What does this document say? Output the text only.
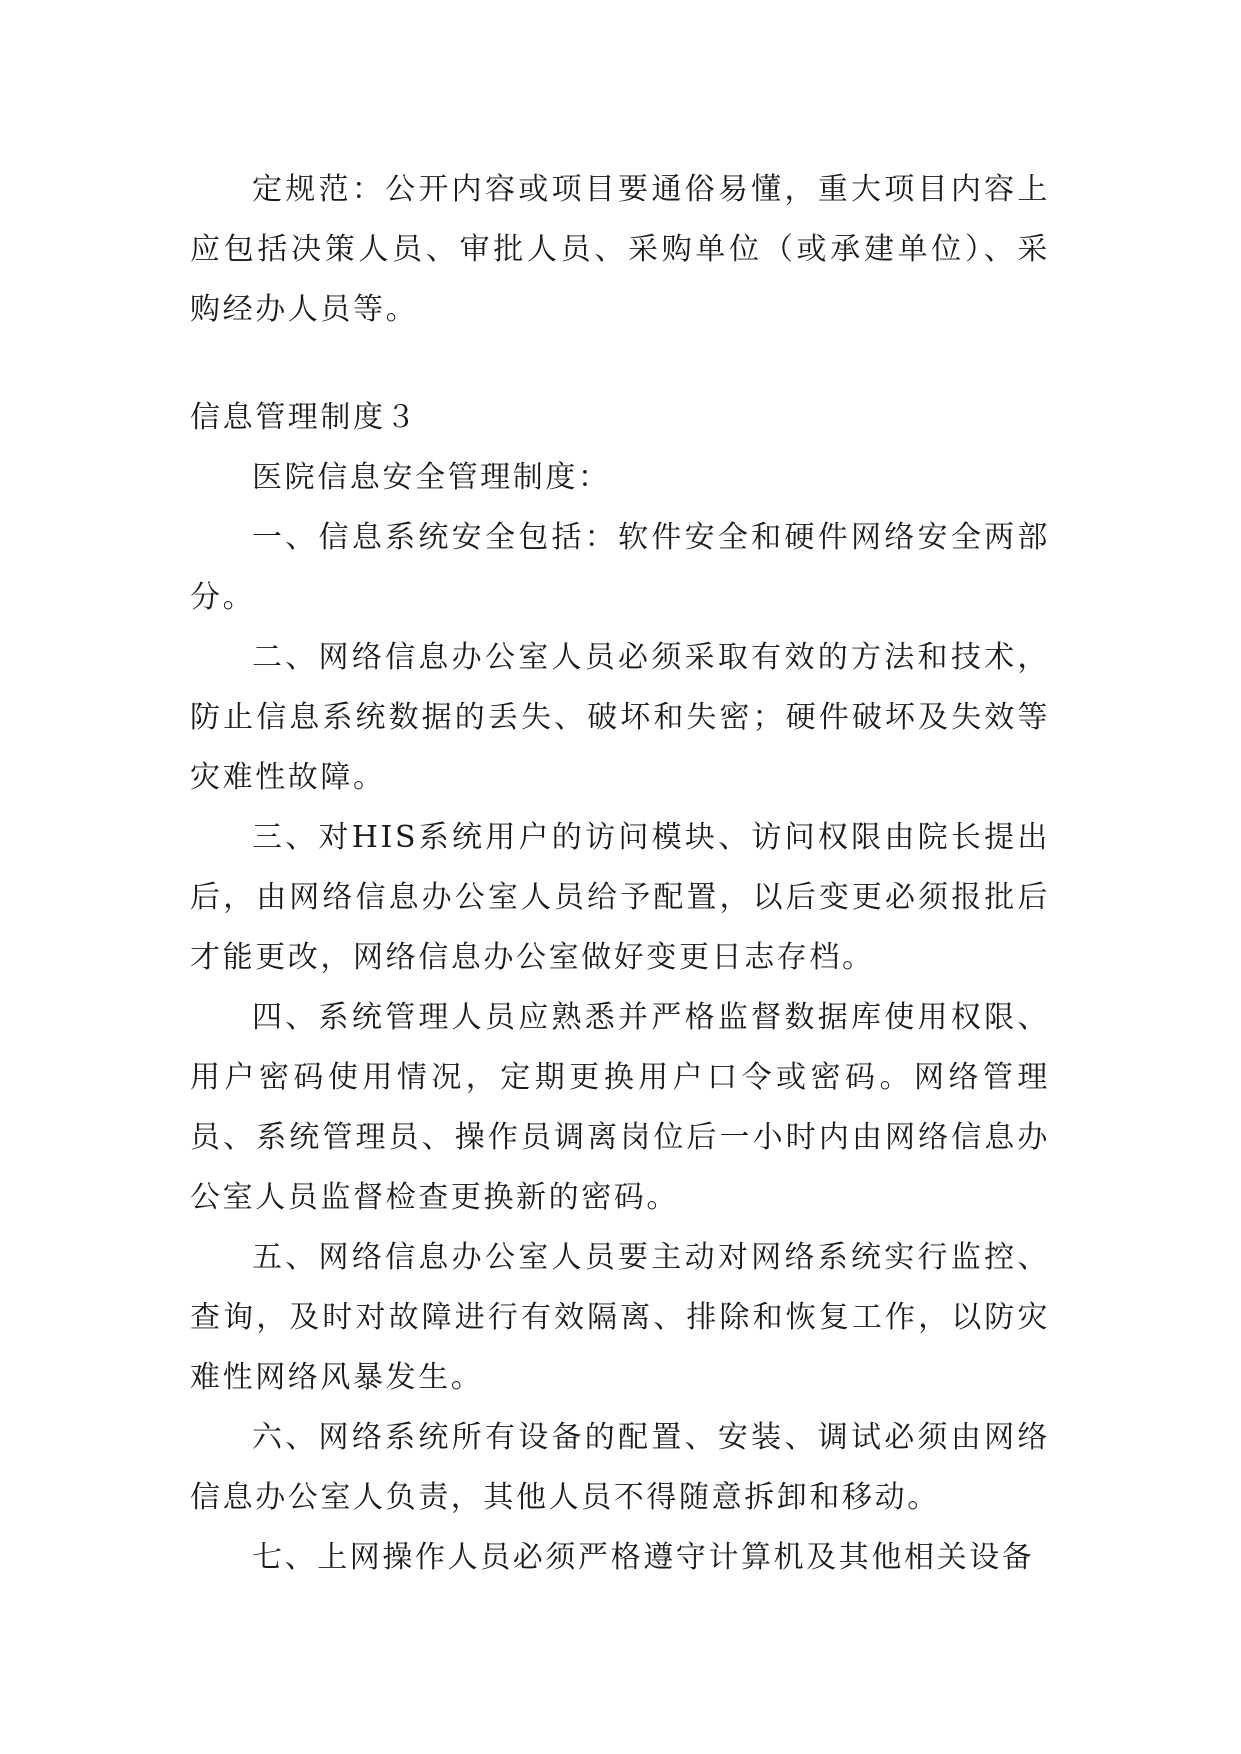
定规范：公开内容或项目要通俗易懂，重大项目内容上应包括决策人员、审批人员、采购单位（或承建单位）、采购经办人员等。

信息管理制度３

医院信息安全管理制度：

一、信息系统安全包括：软件安全和硬件网络安全两部分。

二、网络信息办公室人员必须采取有效的方法和技术，防止信息系统数据的丢失、破坏和失密；硬件破坏及失效等灾难性故障。

三、对HIS系统用户的访问模块、访问权限由院长提出后，由网络信息办公室人员给予配置，以后变更必须报批后才能更改，网络信息办公室做好变更日志存档。

四、系统管理人员应熟悉并严格监督数据库使用权限、用户密码使用情况，定期更换用户口令或密码。网络管理员、系统管理员、操作员调离岗位后一小时内由网络信息办公室人员监督检查更换新的密码。

五、网络信息办公室人员要主动对网络系统实行监控、查询，及时对故障进行有效隔离、排除和恢复工作，以防灾难性网络风暴发生。

六、网络系统所有设备的配置、安装、调试必须由网络信息办公室人负责，其他人员不得随意拆卸和移动。

七、上网操作人员必须严格遵守计算机及其他相关设备
